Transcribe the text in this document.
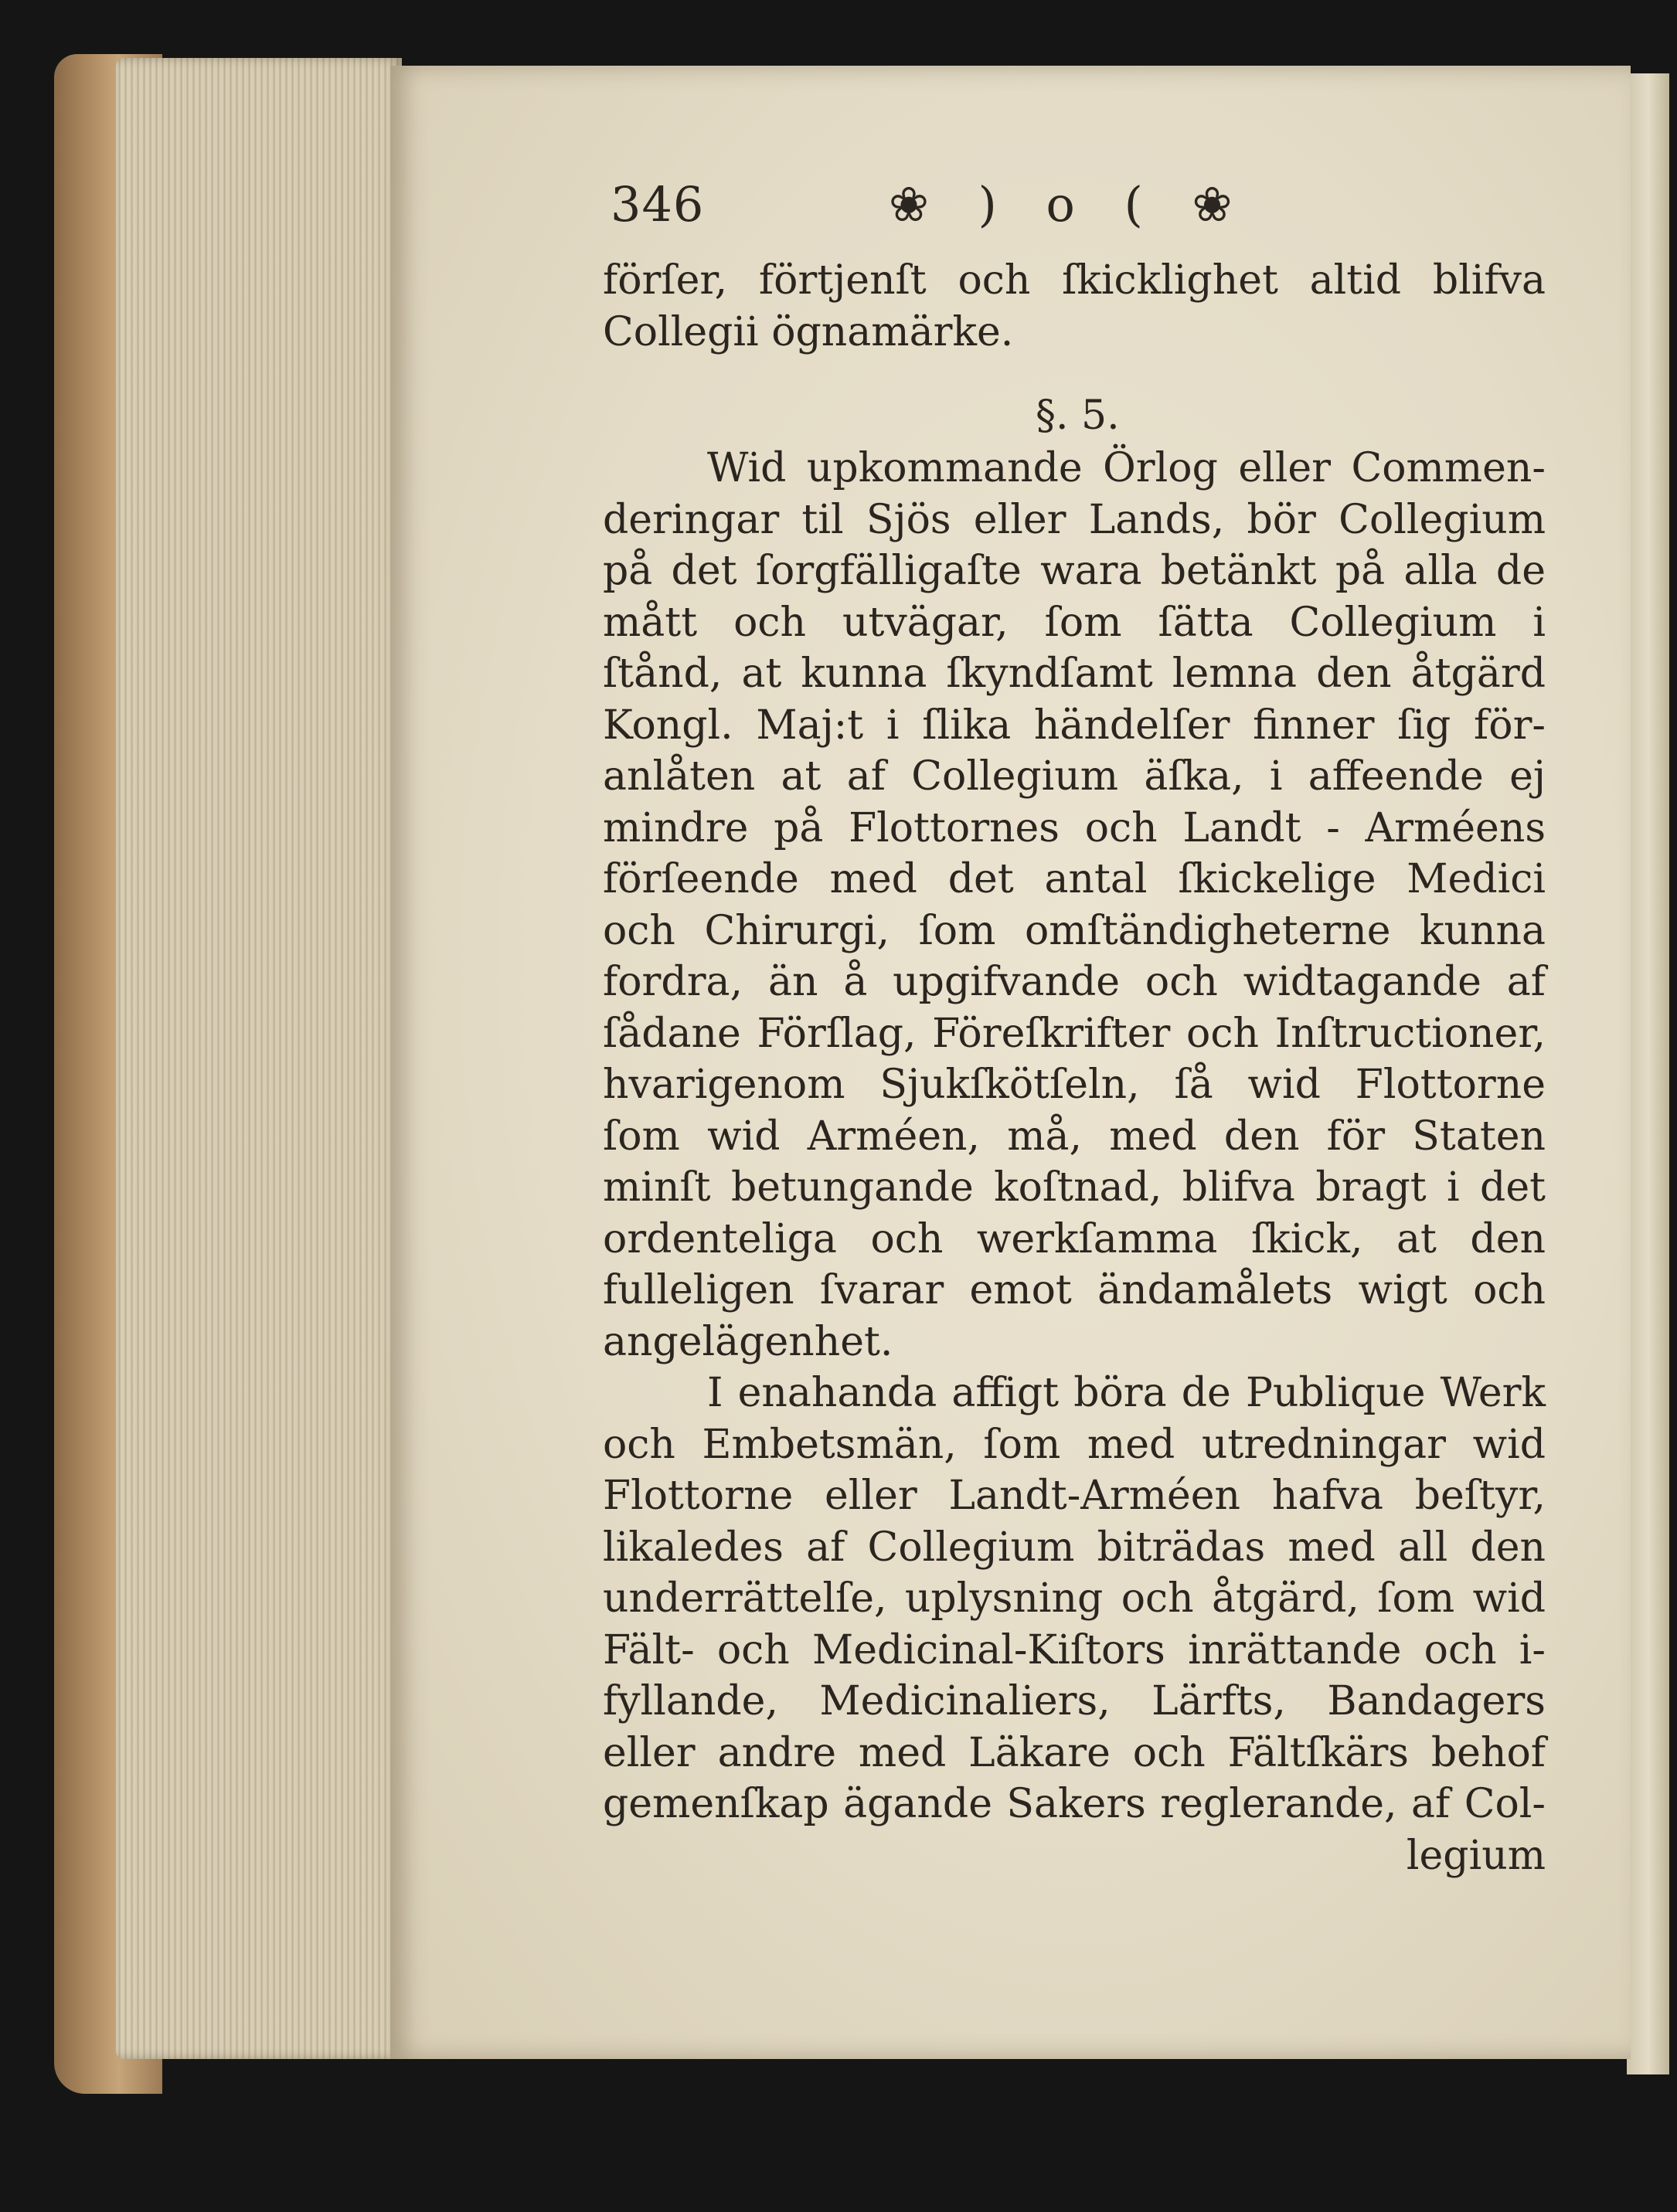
346	❀ ) o ( ❀
förſer, förtjenſt och ſkicklighet altid blifva
Collegii ögnamärke.
§. 5.
Wid upkommande Örlog eller Commen-
deringar til Sjös eller Lands, bör Collegium
på det ſorgfälligaſte wara betänkt på alla de
mått och utvägar, ſom ſätta Collegium i
ſtånd, at kunna ſkyndſamt lemna den åtgärd
Kongl. Maj:t i ſlika händelſer finner ſig för-
anlåten at af Collegium äſka, i affeende ej
mindre på Flottornes och Landt - Arméens
förſeende med det antal ſkickelige Medici
och Chirurgi, ſom omſtändigheterne kunna
fordra, än å upgifvande och widtagande af
ſådane Förſlag, Föreſkrifter och Inſtructioner,
hvarigenom Sjukſkötſeln, ſå wid Flottorne
ſom wid Arméen, må, med den för Staten
minſt betungande koſtnad, blifva bragt i det
ordenteliga och werkſamma ſkick, at den
fulleligen ſvarar emot ändamålets wigt och
angelägenhet.
I enahanda affigt böra de Publique Werk
och Embetsmän, ſom med utredningar wid
Flottorne eller Landt-Arméen hafva beſtyr,
likaledes af Collegium biträdas med all den
underrättelſe, uplysning och åtgärd, ſom wid
Fält- och Medicinal-Kiſtors inrättande och i-
fyllande, Medicinaliers, Lärfts, Bandagers
eller andre med Läkare och Fältſkärs behof
gemenſkap ägande Sakers reglerande, af Col-
legium
